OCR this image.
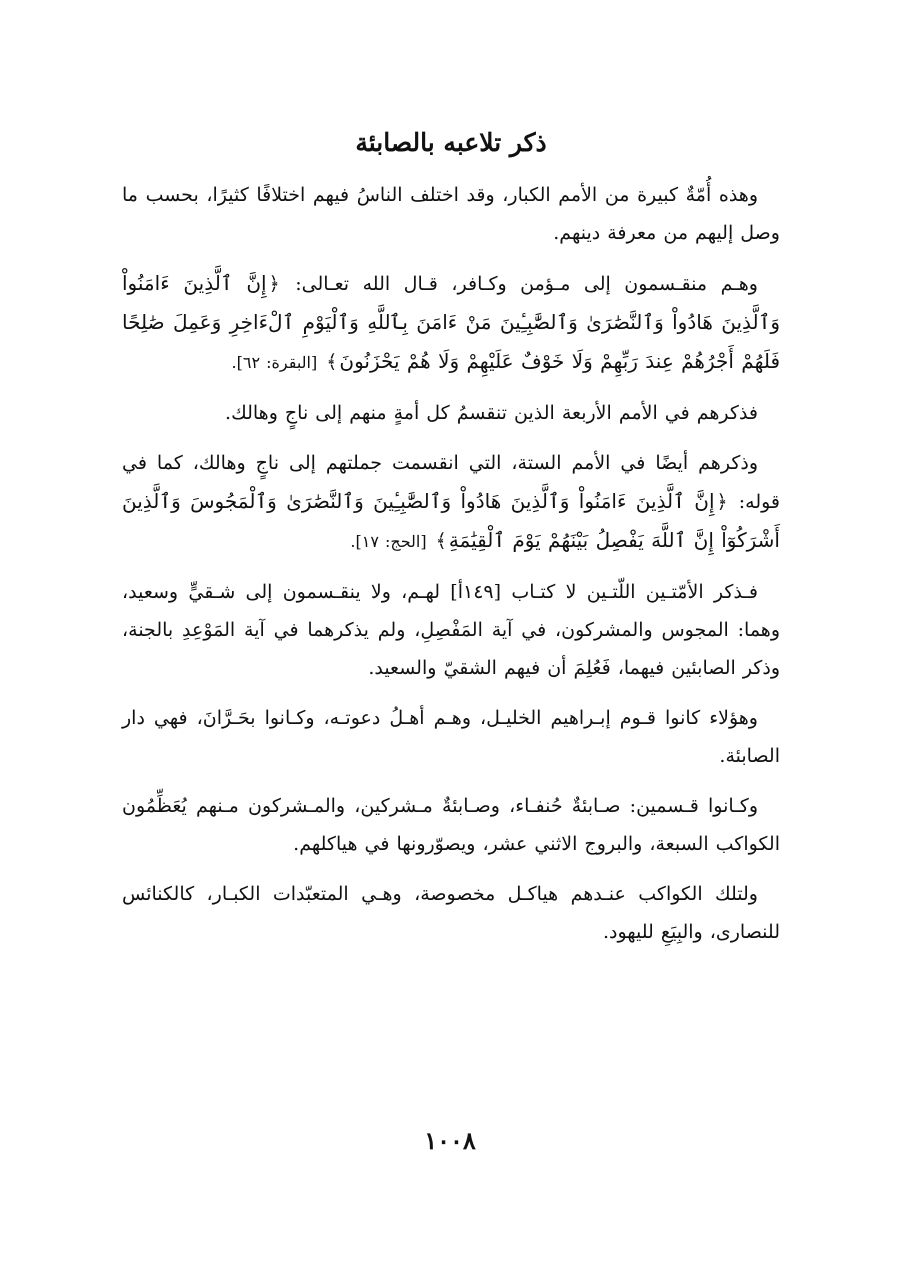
ذكر تلاعبه بالصابئة

وهذه أُمّةٌ كبيرة من الأمم الكبار، وقد اختلف الناسُ فيهم اختلافًا كثيرًا، بحسب ما وصل إليهم من معرفة دينهم.

وهـم منقـسمون إلى مـؤمن وكـافر، قـال الله تعـالى: ﴿إِنَّ ٱلَّذِينَ ءَامَنُواْ وَٱلَّذِينَ هَادُواْ وَٱلنَّصَٰرَىٰ وَٱلصَّٰبِـِٔينَ مَنْ ءَامَنَ بِٱللَّهِ وَٱلْيَوْمِ ٱلْءَاخِرِ وَعَمِلَ صَٰلِحًا فَلَهُمْ أَجْرُهُمْ عِندَ رَبِّهِمْ وَلَا خَوْفٌ عَلَيْهِمْ وَلَا هُمْ يَحْزَنُونَ﴾ [البقرة: ٦٢].

فذكرهم في الأمم الأربعة الذين تنقسمُ كل أمةٍ منهم إلى ناجٍ وهالك.

وذكرهم أيضًا في الأمم الستة، التي انقسمت جملتهم إلى ناجٍ وهالك، كما في قوله: ﴿إِنَّ ٱلَّذِينَ ءَامَنُواْ وَٱلَّذِينَ هَادُواْ وَٱلصَّٰبِـِٔينَ وَٱلنَّصَٰرَىٰ وَٱلْمَجُوسَ وَٱلَّذِينَ أَشْرَكُوٓاْ إِنَّ ٱللَّهَ يَفْصِلُ بَيْنَهُمْ يَوْمَ ٱلْقِيَٰمَةِ﴾ [الحج: ١٧].

فـذكر الأمّتـين اللّتـين لا كتـاب [١٤٩أ] لهـم، ولا ينقـسمون إلى شـقيٍّ وسعيد، وهما: المجوس والمشركون، في آية المَفْصِلِ، ولم يذكرهما في آية المَوْعِدِ بالجنة، وذكر الصابئين فيهما، فَعُلِمَ أن فيهم الشقيّ والسعيد.

وهؤلاء كانوا قـوم إبـراهيم الخليـل، وهـم أهـلُ دعوتـه، وكـانوا بحَـرَّانَ، فهي دار الصابئة.

وكـانوا قـسمين: صـابئةٌ حُنفـاء، وصـابئةٌ مـشركين، والمـشركون مـنهم يُعَظِّمُون الكواكب السبعة، والبروج الاثني عشر، ويصوّرونها في هياكلهم.

ولتلك الكواكب عنـدهم هياكـل مخصوصة، وهـي المتعبّدات الكبـار، كالكنائس للنصارى، والبِيَعِ لليهود.

١٠٠٨
